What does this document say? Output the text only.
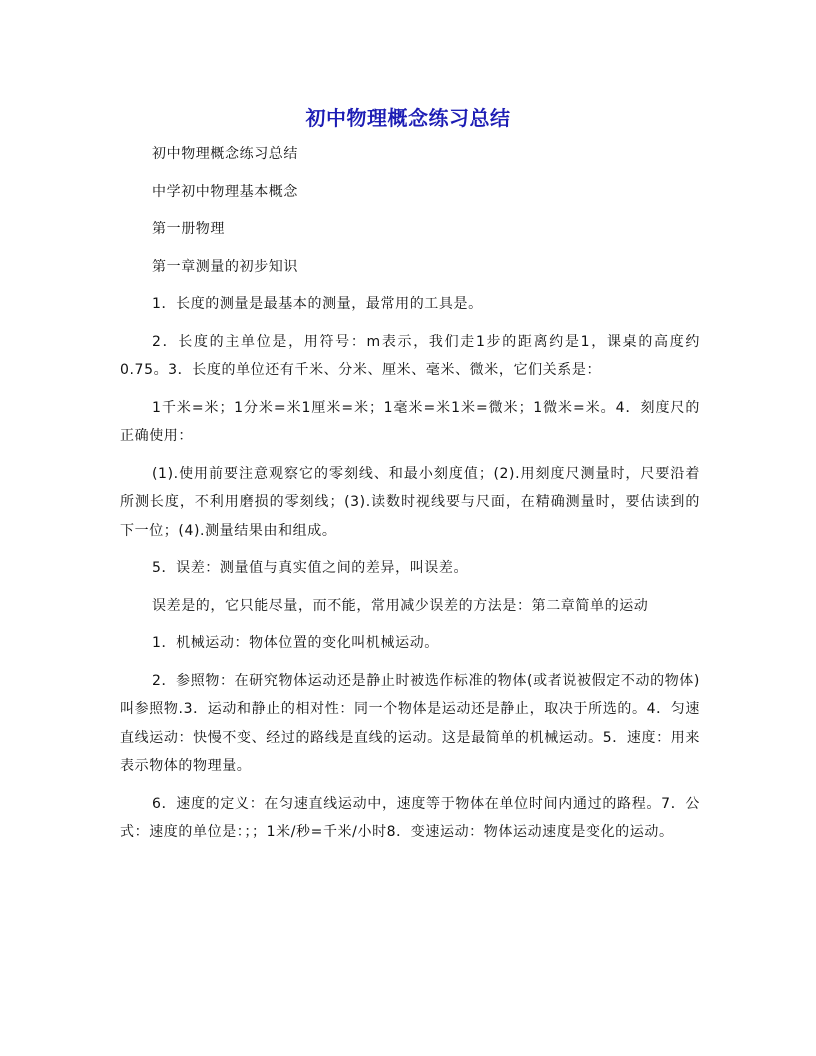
初中物理概念练习总结

初中物理概念练习总结

中学初中物理基本概念

第一册物理

第一章测量的初步知识

1．长度的测量是最基本的测量，最常用的工具是。

2．长度的主单位是，用符号：m表示，我们走1步的距离约是1，课桌的高度约0.75。3．长度的单位还有千米、分米、厘米、毫米、微米，它们关系是：

1千米=米；1分米=米1厘米=米；1毫米=米1米=微米；1微米=米。4．刻度尺的正确使用：

(1).使用前要注意观察它的零刻线、和最小刻度值；(2).用刻度尺测量时，尺要沿着所测长度，不利用磨损的零刻线；(3).读数时视线要与尺面，在精确测量时，要估读到的下一位；(4).测量结果由和组成。

5．误差：测量值与真实值之间的差异，叫误差。

误差是的，它只能尽量，而不能，常用减少误差的方法是：第二章简单的运动

1．机械运动：物体位置的变化叫机械运动。

2．参照物：在研究物体运动还是静止时被选作标准的物体(或者说被假定不动的物体)叫参照物.3．运动和静止的相对性：同一个物体是运动还是静止，取决于所选的。4．匀速直线运动：快慢不变、经过的路线是直线的运动。这是最简单的机械运动。5．速度：用来表示物体的物理量。

6．速度的定义：在匀速直线运动中，速度等于物体在单位时间内通过的路程。7．公式：速度的单位是：；；1米/秒=千米/小时8．变速运动：物体运动速度是变化的运动。
